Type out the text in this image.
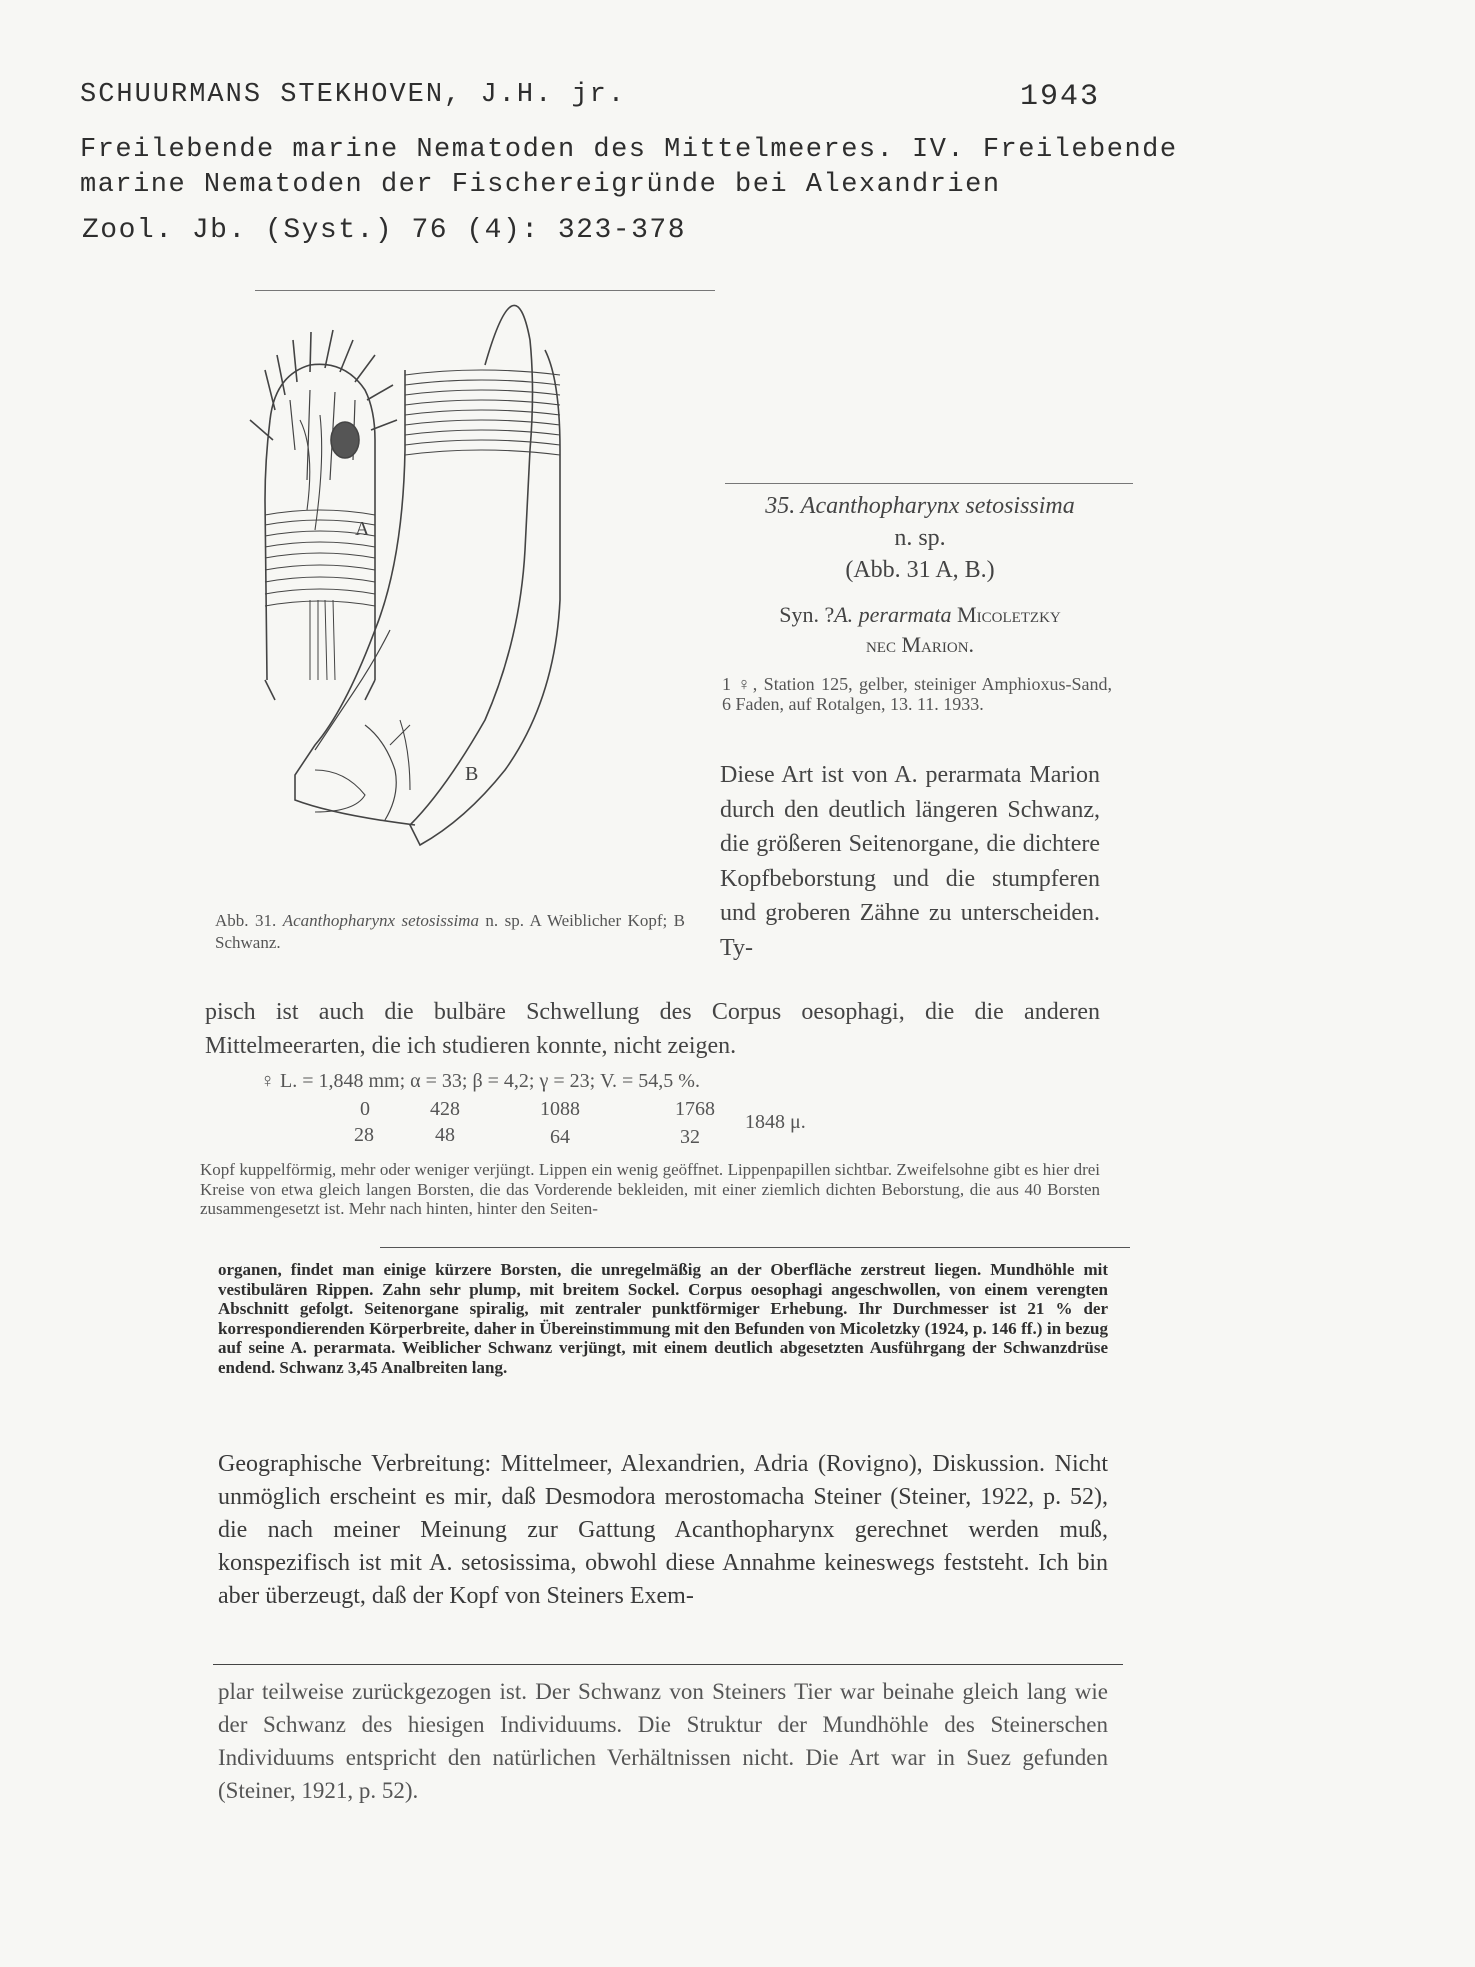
SCHUURMANS STEKHOVEN, J.H. jr.	1943
Freilebende marine Nematoden des Mittelmeeres. IV. Freilebende
marine Nematoden der Fischereigründe bei Alexandrien
Zool. Jb. (Syst.) 76 (4): 323-378
A
B
Abb. 31. Acanthopharynx setosissima n. sp. A Weiblicher Kopf; B Schwanz.
35. Acanthopharynx setosissima
n. sp.
(Abb. 31 A, B.)
Syn. ?A. perarmata Micoletzky
nec Marion.
1 ♀, Station 125, gelber, steiniger Amphioxus-Sand, 6 Faden, auf Rotalgen, 13. 11. 1933.
Diese Art ist von A. perarmata Marion durch den deutlich längeren Schwanz, die größeren Seitenorgane, die dichtere Kopfbeborstung und die stumpferen und groberen Zähne zu unterscheiden. Ty-
pisch ist auch die bulbäre Schwellung des Corpus oesophagi, die die anderen Mittelmeerarten, die ich studieren konnte, nicht zeigen.
♀ L. = 1,848 mm; α = 33; β = 4,2; γ = 23; V. = 54,5 %.
0	428	1088	1768
28	48	64	32
1848 μ.
Kopf kuppelförmig, mehr oder weniger verjüngt. Lippen ein wenig geöffnet. Lippenpapillen sichtbar. Zweifelsohne gibt es hier drei Kreise von etwa gleich langen Borsten, die das Vorderende bekleiden, mit einer ziemlich dichten Beborstung, die aus 40 Borsten zusammengesetzt ist. Mehr nach hinten, hinter den Seiten-
organen, findet man einige kürzere Borsten, die unregelmäßig an der Oberfläche zerstreut liegen. Mundhöhle mit vestibulären Rippen. Zahn sehr plump, mit breitem Sockel. Corpus oesophagi angeschwollen, von einem verengten Abschnitt gefolgt. Seitenorgane spiralig, mit zentraler punktförmiger Erhebung. Ihr Durchmesser ist 21 % der korrespondierenden Körperbreite, daher in Übereinstimmung mit den Befunden von Micoletzky (1924, p. 146 ff.) in bezug auf seine A. perarmata. Weiblicher Schwanz verjüngt, mit einem deutlich abgesetzten Ausführgang der Schwanzdrüse endend. Schwanz 3,45 Analbreiten lang.
Geographische Verbreitung: Mittelmeer, Alexandrien, Adria (Rovigno), Diskussion. Nicht unmöglich erscheint es mir, daß Desmodora merostomacha Steiner (Steiner, 1922, p. 52), die nach meiner Meinung zur Gattung Acanthopharynx gerechnet werden muß, konspezifisch ist mit A. setosissima, obwohl diese Annahme keineswegs feststeht. Ich bin aber überzeugt, daß der Kopf von Steiners Exem-
plar teilweise zurückgezogen ist. Der Schwanz von Steiners Tier war beinahe gleich lang wie der Schwanz des hiesigen Individuums. Die Struktur der Mundhöhle des Steinerschen Individuums entspricht den natürlichen Verhältnissen nicht. Die Art war in Suez gefunden (Steiner, 1921, p. 52).
